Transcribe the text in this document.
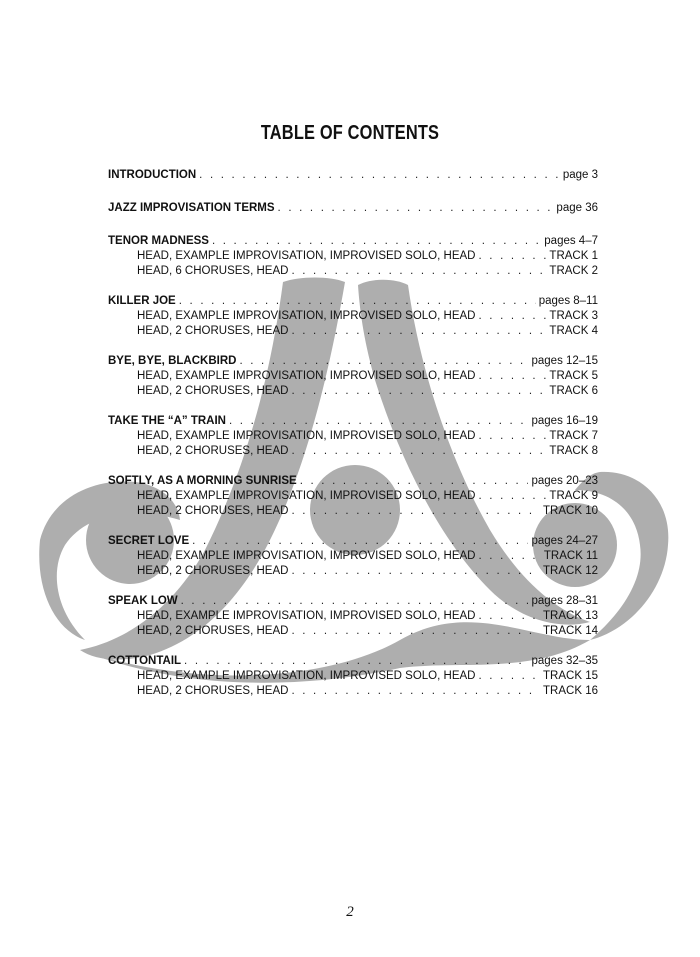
TABLE OF CONTENTS
INTRODUCTION . . .	page 3
JAZZ IMPROVISATION TERMS . . .	page 36
TENOR MADNESS . . .	pages 4–7
HEAD, EXAMPLE IMPROVISATION, IMPROVISED SOLO, HEAD . . .	TRACK 1
HEAD, 6 CHORUSES, HEAD . . .	TRACK 2
KILLER JOE . . .	pages 8–11
HEAD, EXAMPLE IMPROVISATION, IMPROVISED SOLO, HEAD . . .	TRACK 3
HEAD, 2 CHORUSES, HEAD . . .	TRACK 4
BYE, BYE, BLACKBIRD . . .	pages 12–15
HEAD, EXAMPLE IMPROVISATION, IMPROVISED SOLO, HEAD . . .	TRACK 5
HEAD, 2 CHORUSES, HEAD . . .	TRACK 6
TAKE THE “A” TRAIN . . .	pages 16–19
HEAD, EXAMPLE IMPROVISATION, IMPROVISED SOLO, HEAD . . .	TRACK 7
HEAD, 2 CHORUSES, HEAD . . .	TRACK 8
SOFTLY, AS A MORNING SUNRISE . . .	pages 20–23
HEAD, EXAMPLE IMPROVISATION, IMPROVISED SOLO, HEAD . . .	TRACK 9
HEAD, 2 CHORUSES, HEAD . . .	TRACK 10
SECRET LOVE . . .	pages 24–27
HEAD, EXAMPLE IMPROVISATION, IMPROVISED SOLO, HEAD . . .	TRACK 11
HEAD, 2 CHORUSES, HEAD . . .	TRACK 12
SPEAK LOW . . .	pages 28–31
HEAD, EXAMPLE IMPROVISATION, IMPROVISED SOLO, HEAD . . .	TRACK 13
HEAD, 2 CHORUSES, HEAD . . .	TRACK 14
COTTONTAIL . . .	pages 32–35
HEAD, EXAMPLE IMPROVISATION, IMPROVISED SOLO, HEAD . . .	TRACK 15
HEAD, 2 CHORUSES, HEAD . . .	TRACK 16
2
